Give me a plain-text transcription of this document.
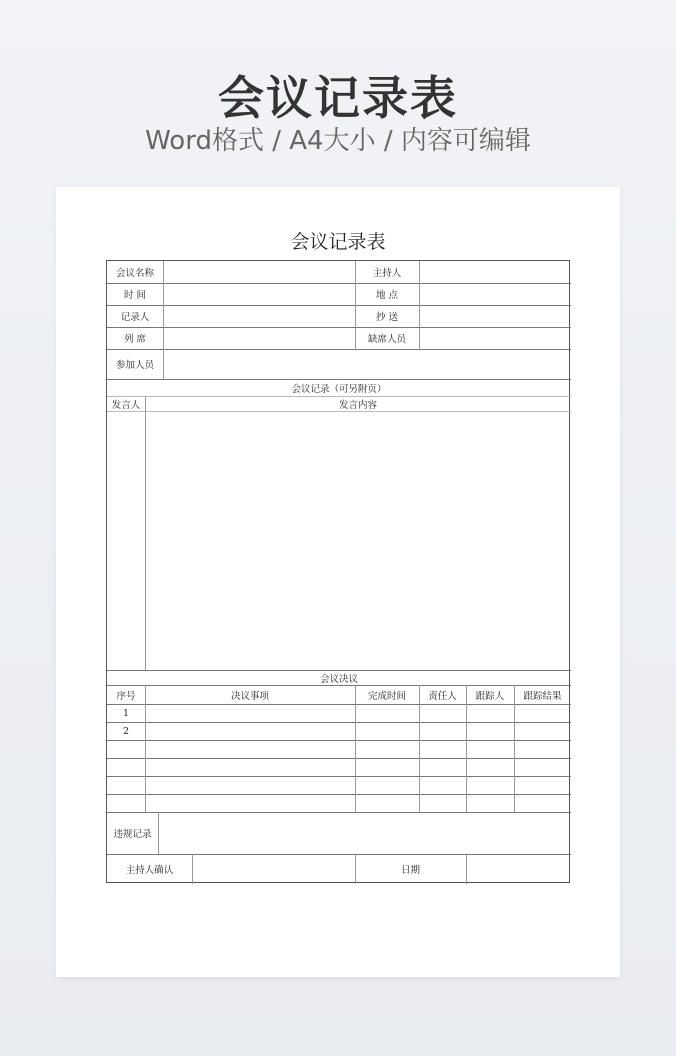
会议记录表
Word格式 / A4大小 / 内容可编辑
会议记录表
会议名称	主持人
时 间	地 点
记录人	抄 送
列 席	缺席人员
参加人员
会议记录（可另附页）
发言人	发言内容
会议决议
序号	决议事项	完成时间	责任人	跟踪人	跟踪结果
1
2
违规记录
主持人确认	日期
